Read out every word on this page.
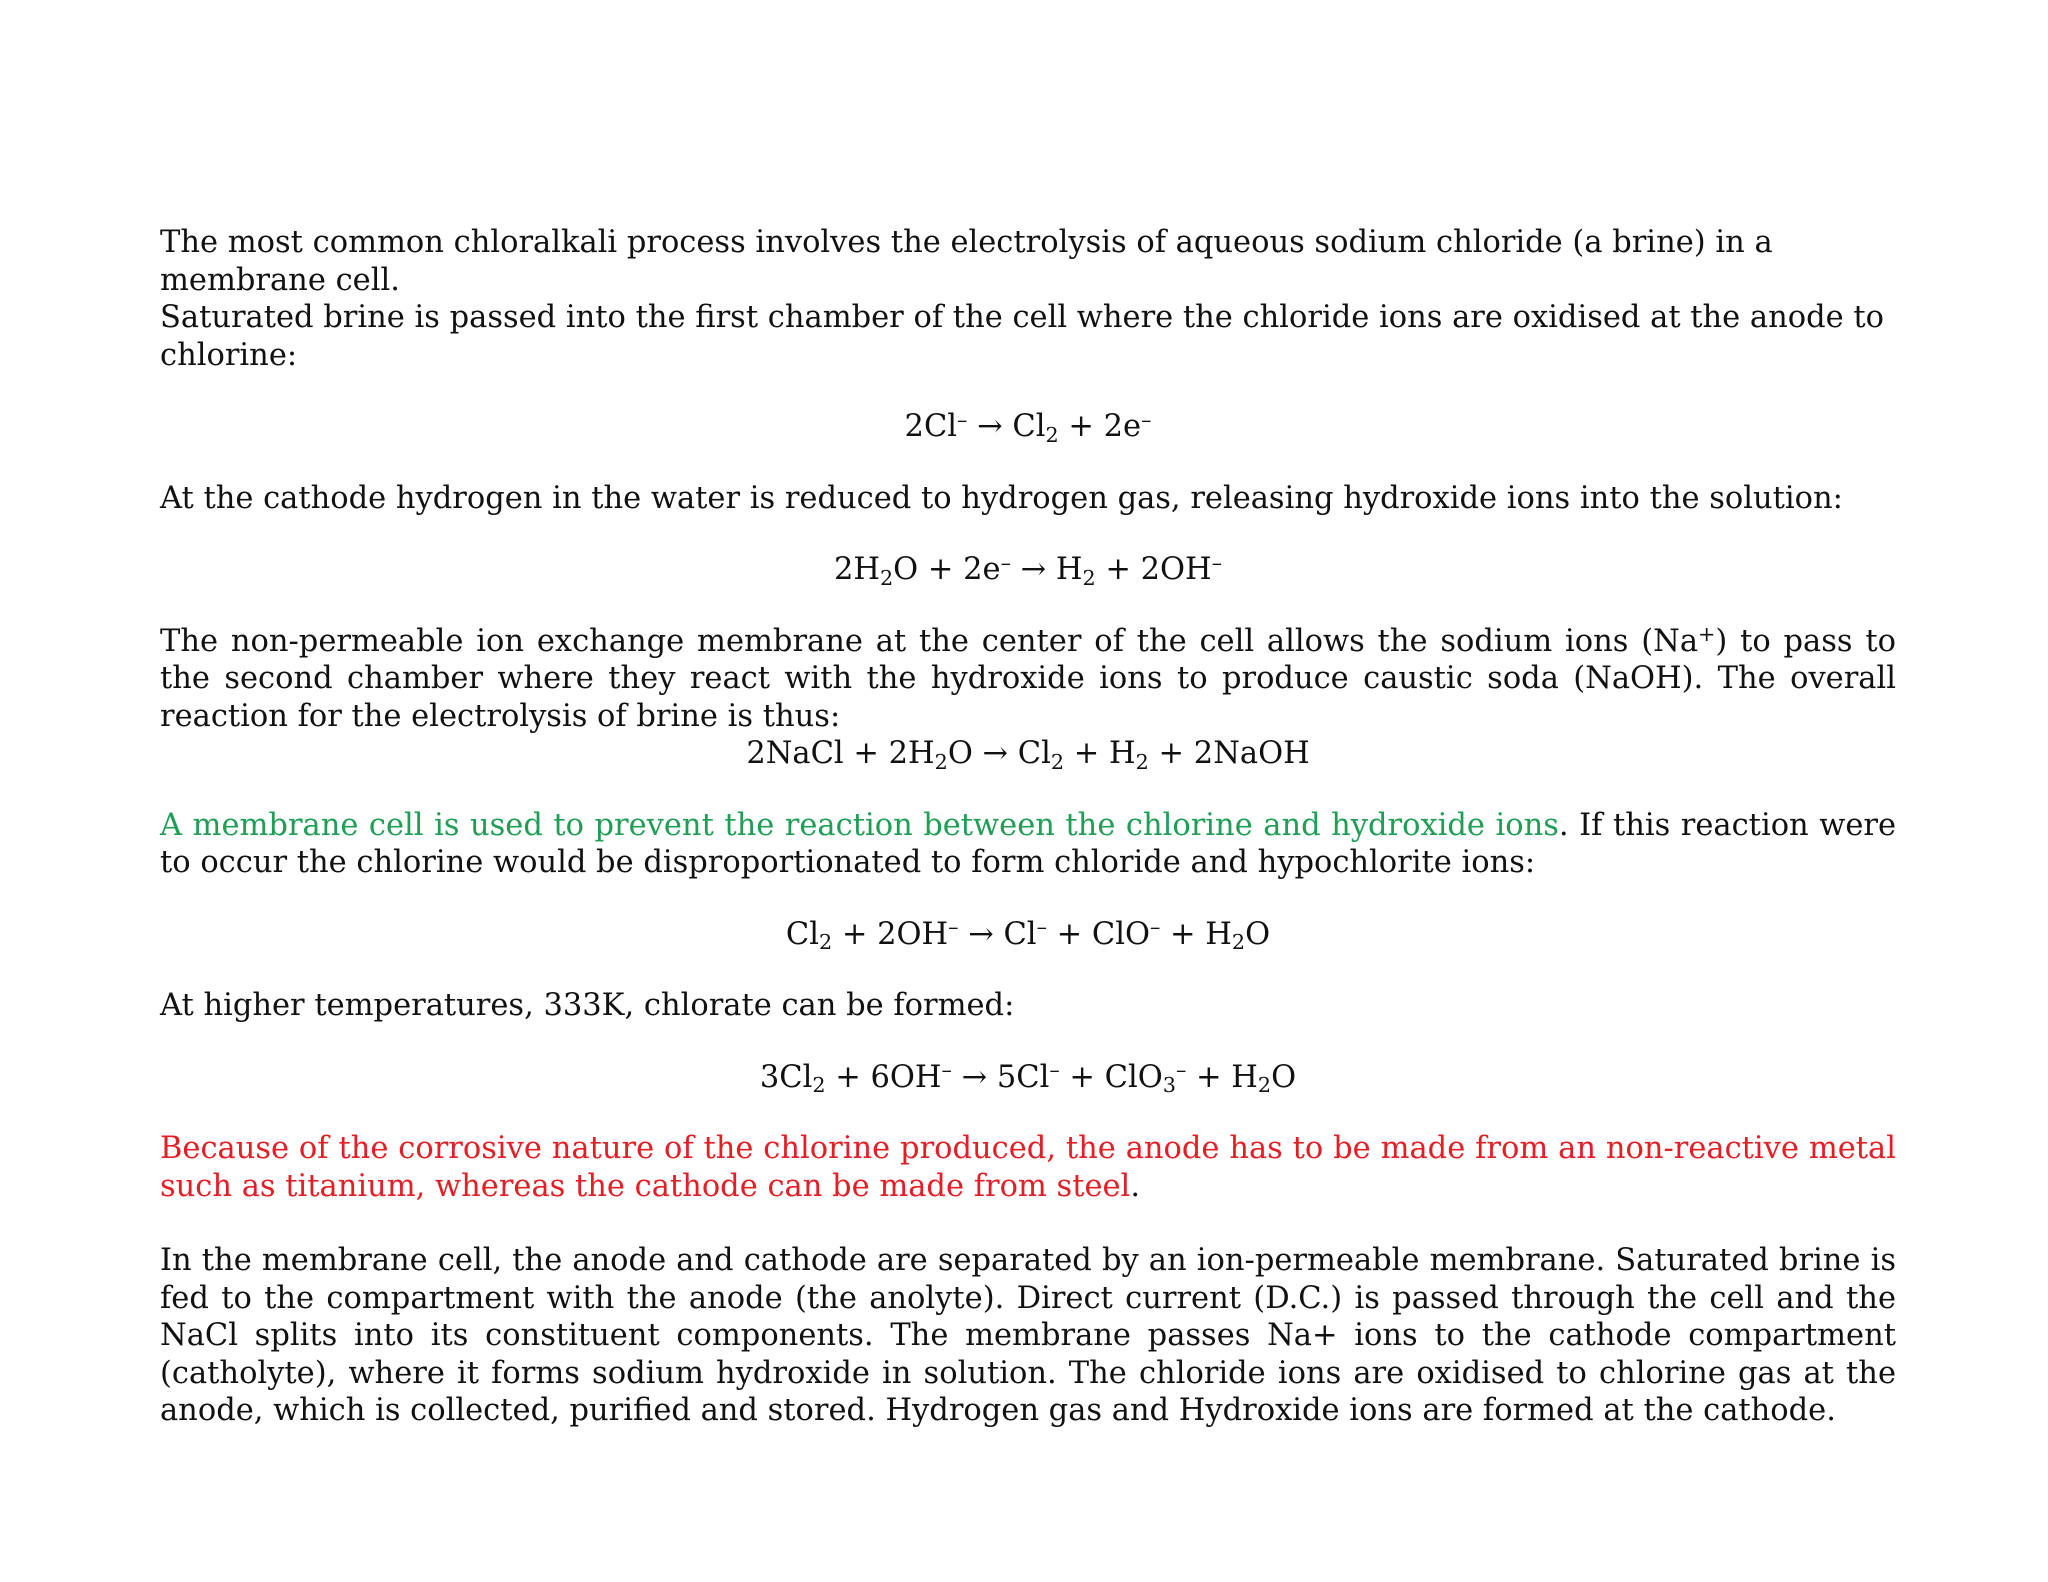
The most common chloralkali process involves the electrolysis of aqueous sodium chloride (a brine) in a membrane cell.
Saturated brine is passed into the first chamber of the cell where the chloride ions are oxidised at the anode to chlorine:

$2Cl^- \to Cl_2 + 2e^-$

At the cathode hydrogen in the water is reduced to hydrogen gas, releasing hydroxide ions into the solution:

$2H_2O + 2e^- \to H_2 + 2OH^-$

The non-permeable ion exchange membrane at the center of the cell allows the sodium ions (Na+) to pass to the second chamber where they react with the hydroxide ions to produce caustic soda (NaOH). The overall reaction for the electrolysis of brine is thus:

2NaCl + $2H_2O \to Cl_2 + H_2$ + 2NaOH

A membrane cell is used to prevent the reaction between the chlorine and hydroxide ions. If this reaction were to occur the chlorine would be disproportionated to form chloride and hypochlorite ions:

$Cl_2 + 2OH^- \to Cl^- + ClO^- + H_2O$

At higher temperatures, 333K, chlorate can be formed:

$3Cl_2 + 6OH^- \to 5Cl^- + ClO_3^- + H_2O$

Because of the corrosive nature of the chlorine produced, the anode has to be made from an non-reactive metal such as titanium, whereas the cathode can be made from steel.

In the membrane cell, the anode and cathode are separated by an ion-permeable membrane. Saturated brine is fed to the compartment with the anode (the anolyte). Direct current (D.C.) is passed through the cell and the NaCl splits into its constituent components. The membrane passes Na+ ions to the cathode compartment (catholyte), where it forms sodium hydroxide in solution. The chloride ions are oxidised to chlorine gas at the anode, which is collected, purified and stored. Hydrogen gas and Hydroxide ions are formed at the cathode.
